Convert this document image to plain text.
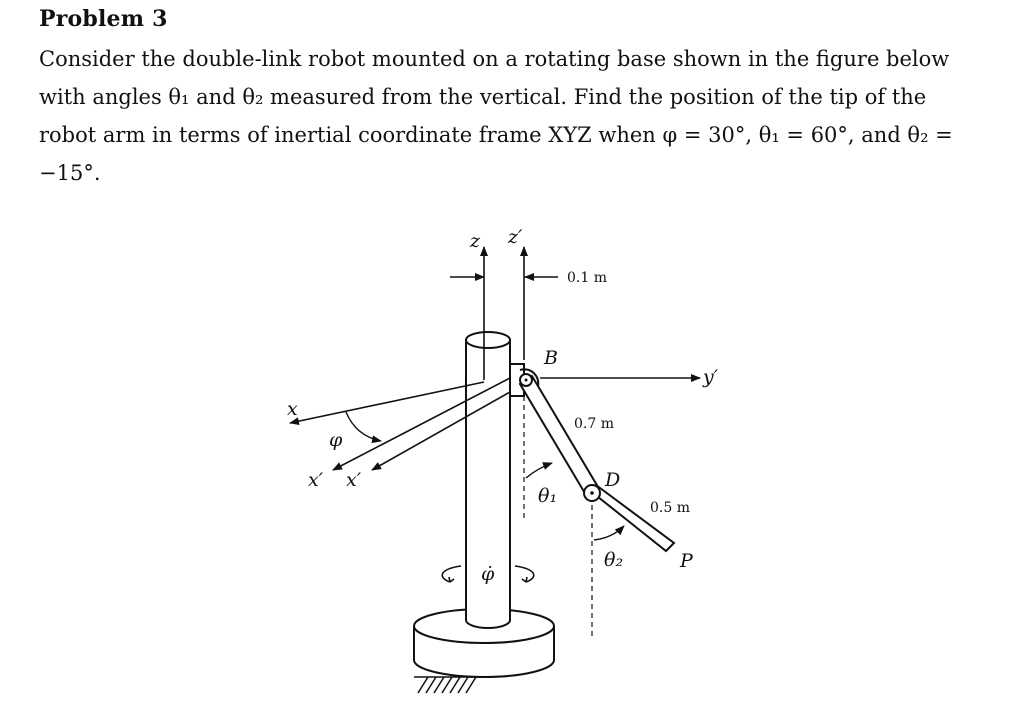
Problem 3
Consider the double-link robot mounted on a rotating base shown in the figure below with angles θ₁ and θ₂ measured from the vertical. Find the position of the tip of the robot arm in terms of inertial coordinate frame XYZ when φ = 30°, θ₁ = 60°, and θ₂ = −15°.
z z′
0.1 m
B
y′
x
φ
x′ x′
0.7 m
D
θ₁
0.5 m
θ₂	P
φ̇
